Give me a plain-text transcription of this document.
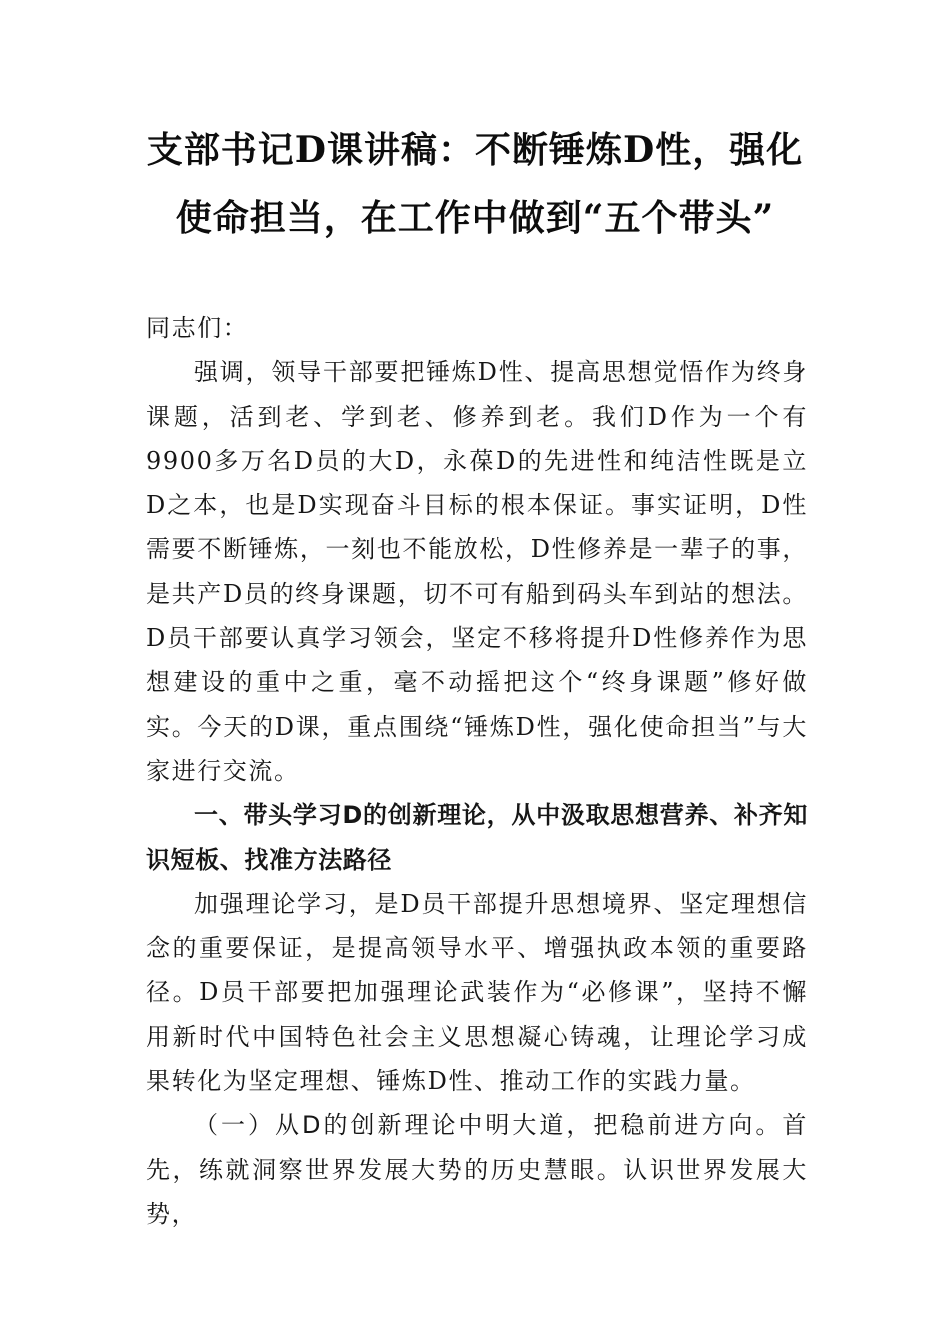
支部书记D课讲稿：不断锤炼D性，强化
使命担当，在工作中做到“五个带头”

同志们：

强调，领导干部要把锤炼D性、提高思想觉悟作为终身课题，活到老、学到老、修养到老。我们D作为一个有9900多万名D员的大D，永葆D的先进性和纯洁性既是立D之本，也是D实现奋斗目标的根本保证。事实证明，D性需要不断锤炼，一刻也不能放松，D性修养是一辈子的事，是共产D员的终身课题，切不可有船到码头车到站的想法。D员干部要认真学习领会，坚定不移将提升D性修养作为思想建设的重中之重，毫不动摇把这个“终身课题”修好做实。今天的D课，重点围绕“锤炼D性，强化使命担当”与大家进行交流。

一、带头学习D的创新理论，从中汲取思想营养、补齐知识短板、找准方法路径

加强理论学习，是D员干部提升思想境界、坚定理想信念的重要保证，是提高领导水平、增强执政本领的重要路径。D员干部要把加强理论武装作为“必修课”，坚持不懈用新时代中国特色社会主义思想凝心铸魂，让理论学习成果转化为坚定理想、锤炼D性、推动工作的实践力量。

（一）从D的创新理论中明大道，把稳前进方向。首先，练就洞察世界发展大势的历史慧眼。认识世界发展大势，
